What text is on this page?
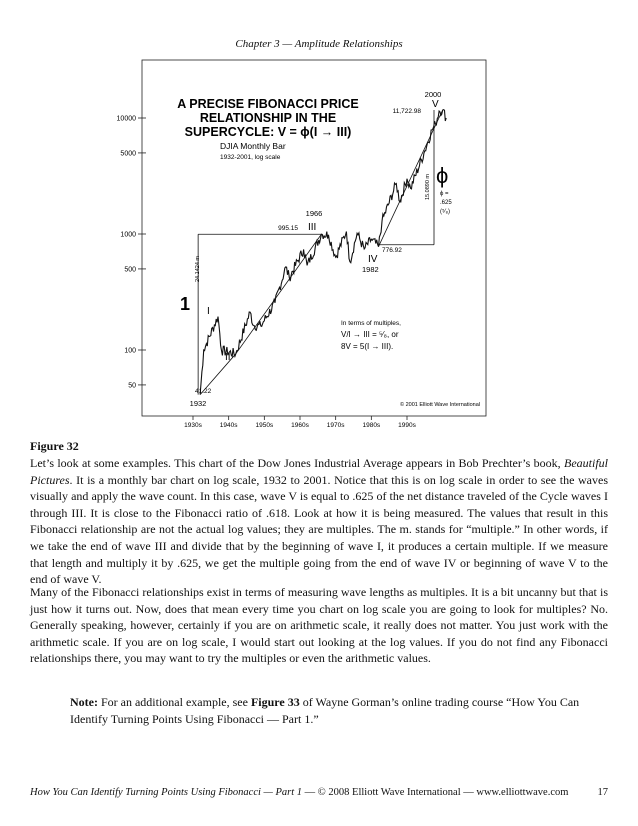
Chapter 3 — Amplitude Relationships
10000
5000
1000
500
100
50
1930s	1940s	1950s	1960s	1970s	1980s	1990s
A PRECISE FIBONACCI PRICE
RELATIONSHIP IN THE
SUPERCYCLE: V = ϕ(I → III)
DJIA Monthly Bar
1932-2001, log scale
2000
11,722.98
V
1966
995.15 III
776.92
IV
1982
I
II
1
41.22
1932
ϕ
ϕ =
.625
(⁵⁄₈)
24.1424 m
15.0890 m
In terms of multiples,
V/I → III = ⁵⁄₈, or
8V = 5(I → III).
© 2001 Elliott Wave International
Figure 32

Let’s look at some examples. This chart of the Dow Jones Industrial Average appears in Bob Prechter’s book, Beautiful Pictures. It is a monthly bar chart on log scale, 1932 to 2001. Notice that this is on log scale in order to see the waves visually and apply the wave count. In this case, wave V is equal to .625 of the net distance traveled of the Cycle waves I through III. It is close to the Fibonacci ratio of .618. Look at how it is being measured. The values that result in this Fibonacci relationship are not the actual log values; they are multiples. The m. stands for “multiple.” In other words, if we take the end of wave III and divide that by the beginning of wave I, it produces a certain multiple. If we measure that length and multiply it by .625, we get the multiple going from the end of wave IV or beginning of wave V to the end of wave V.

Many of the Fibonacci relationships exist in terms of measuring wave lengths as multiples. It is a bit uncanny but that is just how it turns out. Now, does that mean every time you chart on log scale you are going to look for multiples? No. Generally speaking, however, certainly if you are on arithmetic scale, it really does not matter. You just work with the arithmetic scale. If you are on log scale, I would start out looking at the log values. If you do not find any Fibonacci relationships there, you may want to try the multiples or even the arithmetic values.

Note: For an additional example, see Figure 33 of Wayne Gorman’s online trading course “How You Can Identify Turning Points Using Fibonacci — Part 1.”

How You Can Identify Turning Points Using Fibonacci — Part 1 — © 2008 Elliott Wave International — www.elliottwave.com	17
